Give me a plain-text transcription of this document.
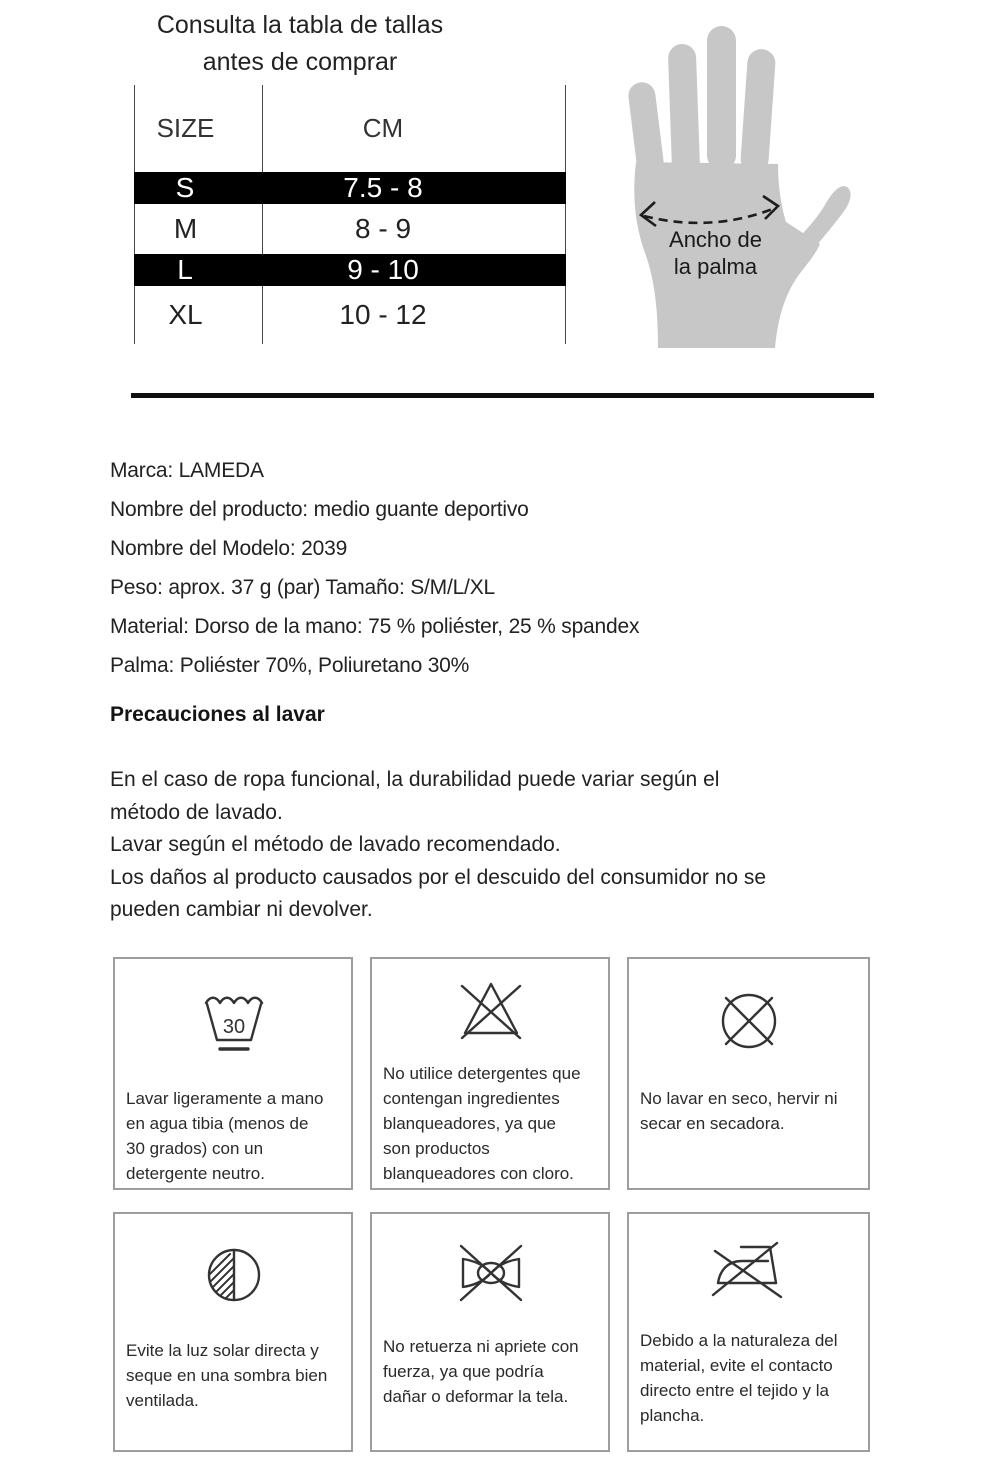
Consulta la tabla de tallas
antes de comprar
SIZE	CM
S	7.5 - 8
M	8 - 9
L	9 - 10
XL	10 - 12
Ancho de
la palma
Marca: LAMEDA
Nombre del producto: medio guante deportivo
Nombre del Modelo: 2039
Peso: aprox. 37 g (par) Tamaño: S/M/L/XL
Material: Dorso de la mano: 75 % poliéster, 25 % spandex
Palma: Poliéster 70%, Poliuretano 30%
Precauciones al lavar
En el caso de ropa funcional, la durabilidad puede variar según el
método de lavado.
Lavar según el método de lavado recomendado.
Los daños al producto causados por el descuido del consumidor no se
pueden cambiar ni devolver.
30
Lavar ligeramente a mano
en agua tibia (menos de
30 grados) con un
detergente neutro.
No utilice detergentes que
contengan ingredientes
blanqueadores, ya que
son productos
blanqueadores con cloro.
No lavar en seco, hervir ni
secar en secadora.
Evite la luz solar directa y
seque en una sombra bien
ventilada.
No retuerza ni apriete con
fuerza, ya que podría
dañar o deformar la tela.
Debido a la naturaleza del
material, evite el contacto
directo entre el tejido y la
plancha.
